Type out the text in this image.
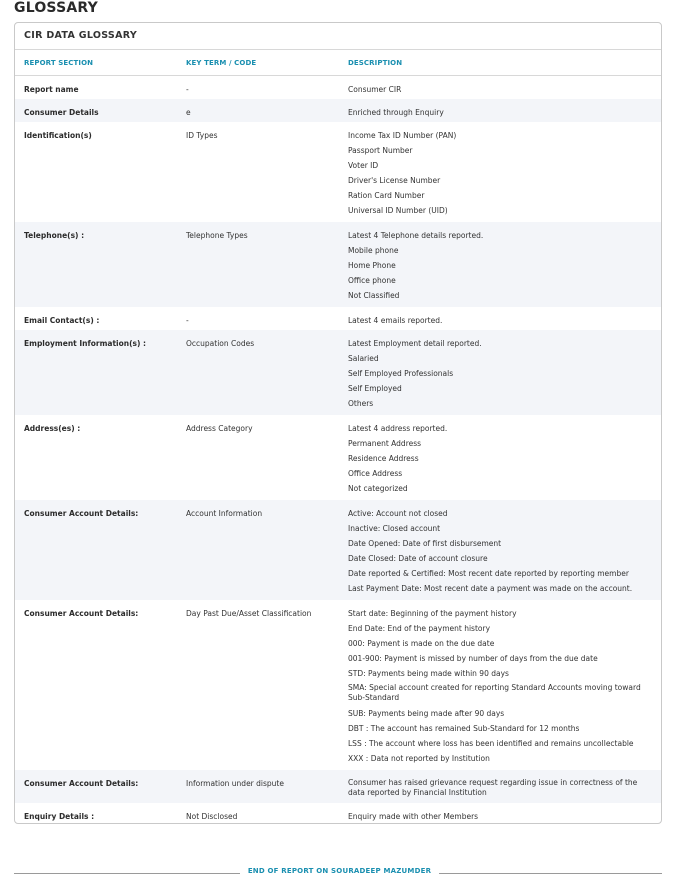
GLOSSARY
CIR DATA GLOSSARY
REPORT SECTION	KEY TERM / CODE	DESCRIPTION
Report name	-	Consumer CIR
Consumer Details	e	Enriched through Enquiry
Identification(s)	ID Types	Income Tax ID Number (PAN)
Passport Number
Voter ID
Driver's License Number
Ration Card Number
Universal ID Number (UID)
Telephone(s) :	Telephone Types	Latest 4 Telephone details reported.
Mobile phone
Home Phone
Office phone
Not Classified
Email Contact(s) :	-	Latest 4 emails reported.
Employment Information(s) :	Occupation Codes	Latest Employment detail reported.
Salaried
Self Employed Professionals
Self Employed
Others
Address(es) :	Address Category	Latest 4 address reported.
Permanent Address
Residence Address
Office Address
Not categorized
Consumer Account Details:	Account Information	Active: Account not closed
Inactive: Closed account
Date Opened: Date of first disbursement
Date Closed: Date of account closure
Date reported & Certified: Most recent date reported by reporting member
Last Payment Date: Most recent date a payment was made on the account.
Consumer Account Details:	Day Past Due/Asset Classification	Start date: Beginning of the payment history
End Date: End of the payment history
000: Payment is made on the due date
001-900: Payment is missed by number of days from the due date
STD: Payments being made within 90 days
SMA: Special account created for reporting Standard Accounts moving toward Sub-Standard
SUB: Payments being made after 90 days
DBT : The account has remained Sub-Standard for 12 months
LSS : The account where loss has been identified and remains uncollectable
XXX : Data not reported by Institution
Consumer Account Details:	Information under dispute	Consumer has raised grievance request regarding issue in correctness of the data reported by Financial Institution
Enquiry Details :	Not Disclosed	Enquiry made with other Members
END OF REPORT ON SOURADEEP MAZUMDER
